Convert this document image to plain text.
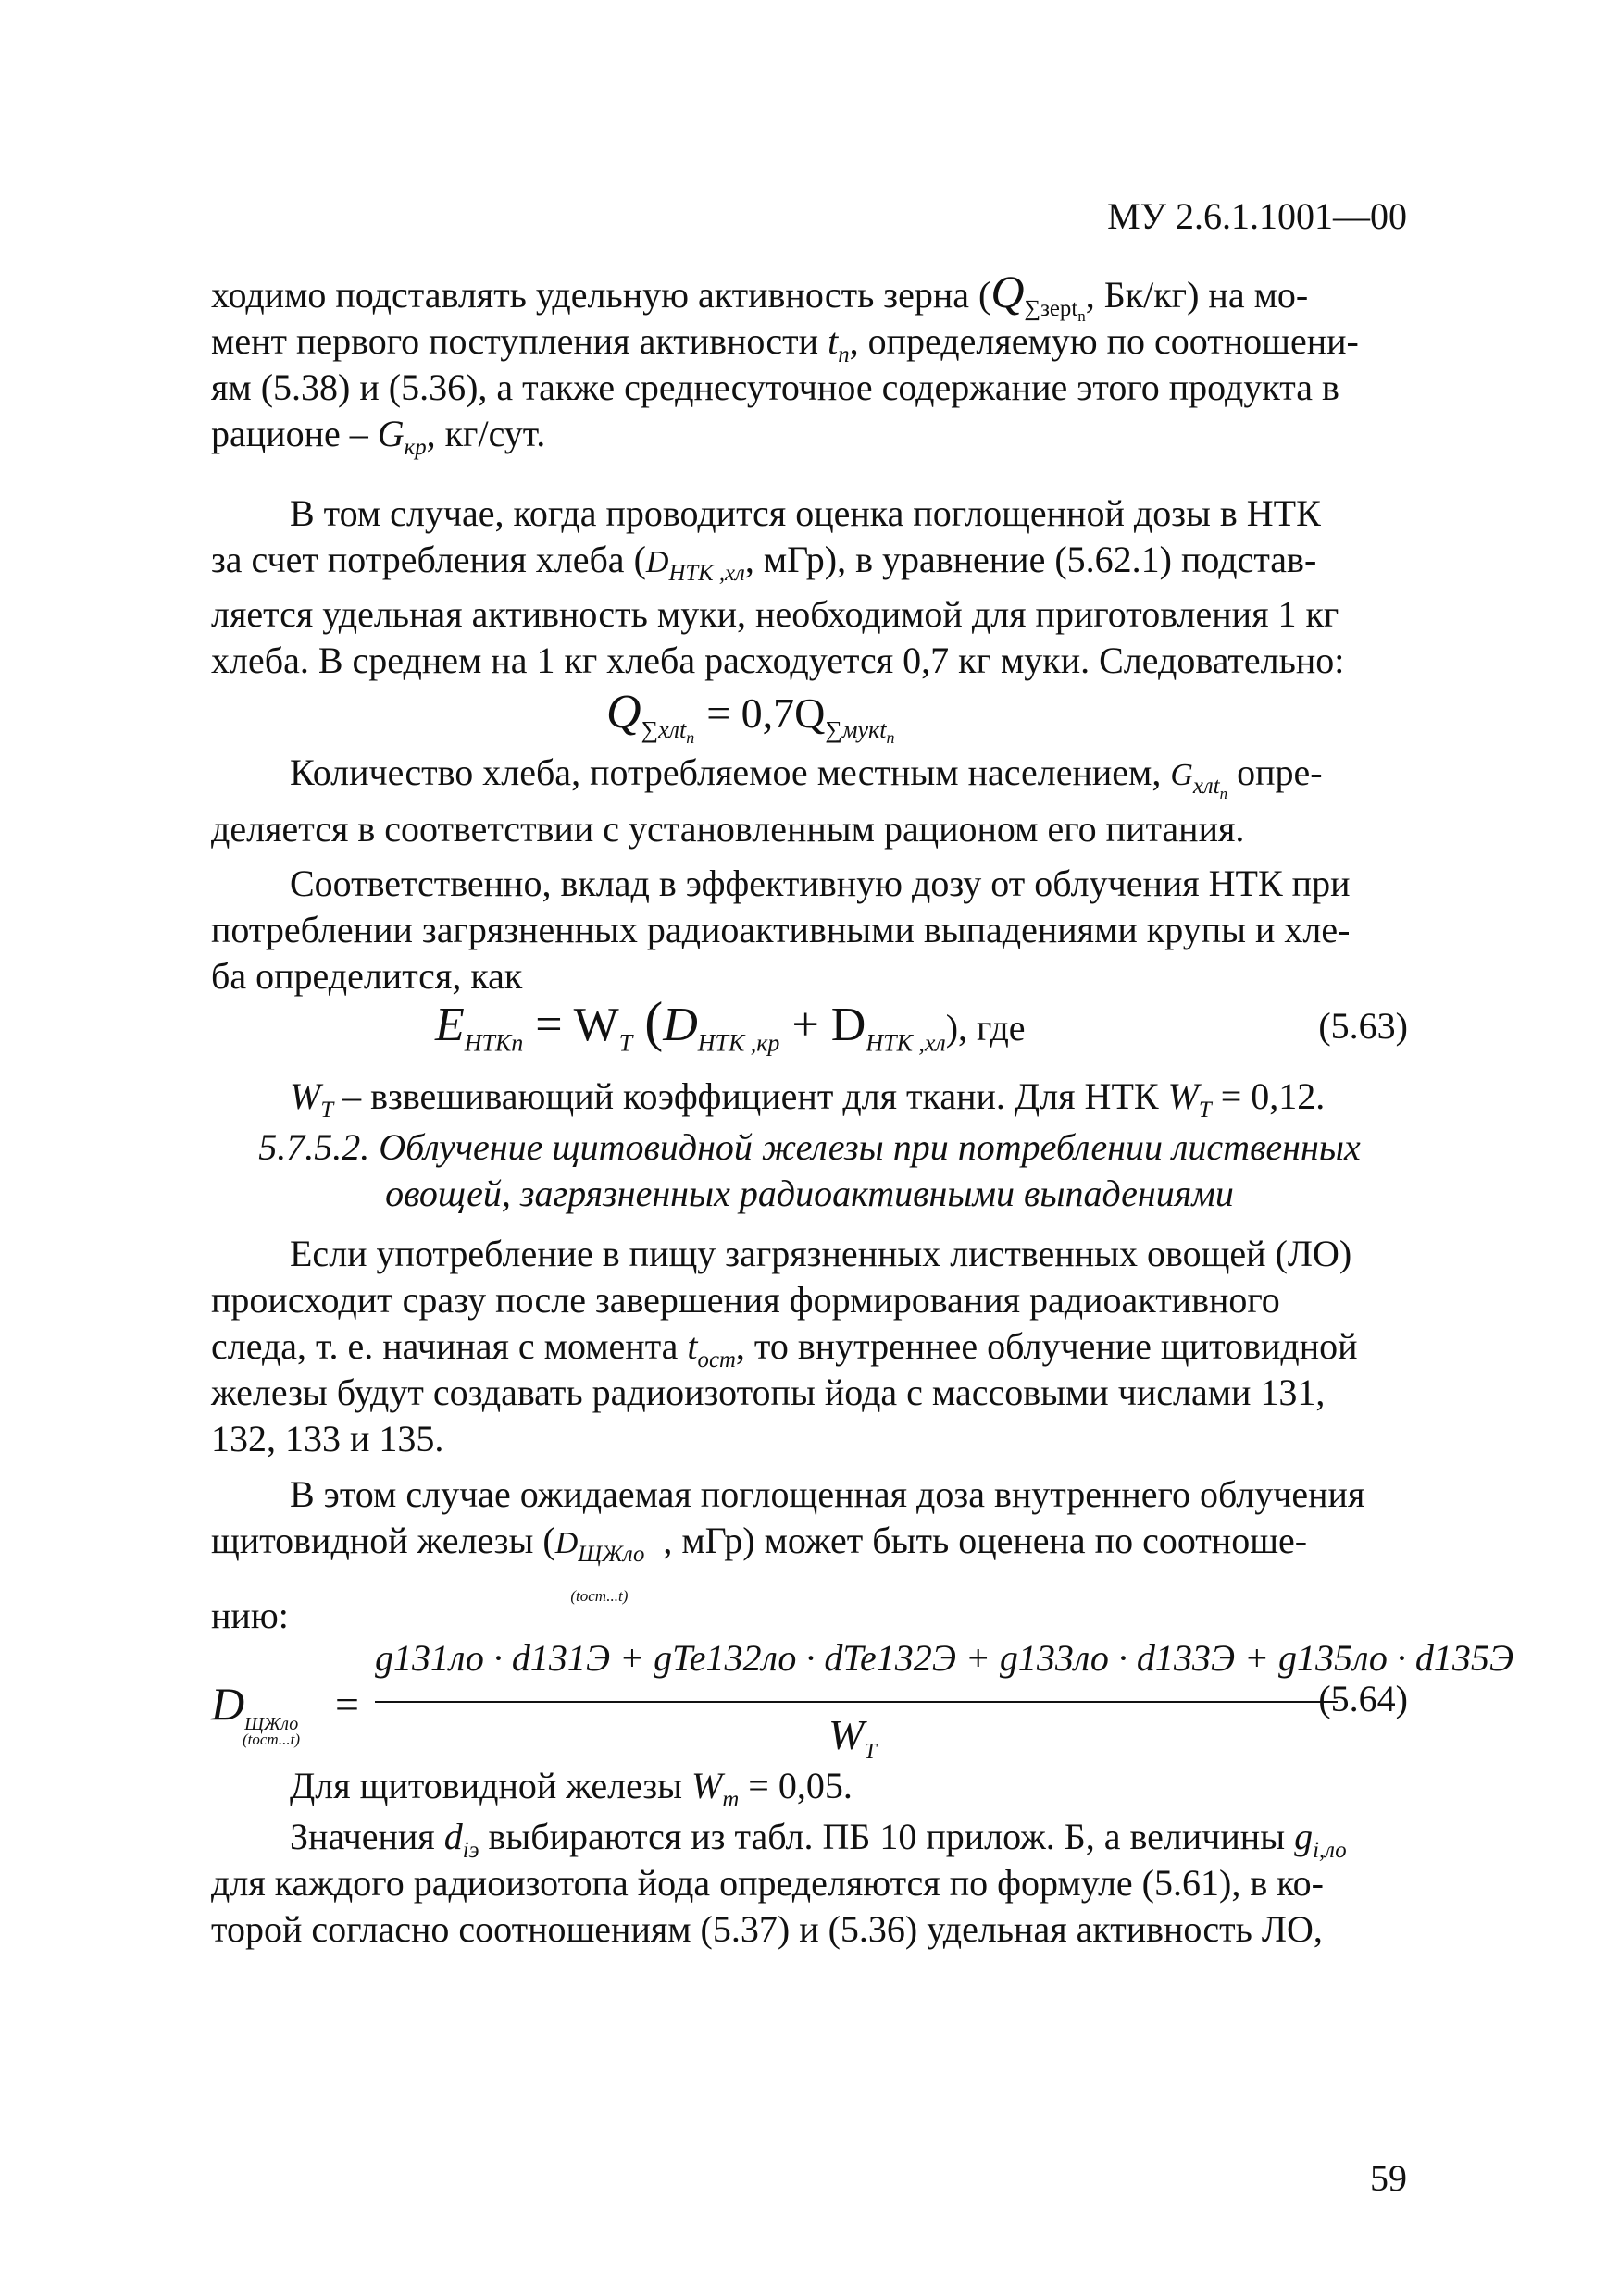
МУ 2.6.1.1001—00

ходимо подставлять удельную активность зерна ($Q_{\sum зерt_n}$, Бк/кг) на мо-

мент первого поступления активности $t_n$, определяемую по соотношени-

ям (5.38) и (5.36), а также среднесуточное содержание этого продукта в

рационе – $G_{кр}$, кг/сут.

В том случае, когда проводится оценка поглощенной дозы в НТК

за счет потребления хлеба ($D_{НТК ,хл}$, мГр), в уравнение (5.62.1) подстав-

ляется удельная активность муки, необходимой для приготовления 1 кг

хлеба. В среднем на 1 кг хлеба расходуется 0,7 кг муки. Следовательно:

$Q_{\sum хлt_n} = 0,7Q_{\sum мукt_n}$

Количество хлеба, потребляемое местным населением, $G_{хлt_n}$ опре-

деляется в соответствии с установленным рационом его питания.

Соответственно, вклад в эффективную дозу от облучения НТК при

потреблении загрязненных радиоактивными выпадениями крупы и хле-

ба определится, как

$E_{НТКn} = W_T$ $(D_{НТК ,кр} + D_{НТК ,хл})$, где	(5.63)

$W_T$ – взвешивающий коэффициент для ткани. Для НТК $W_T = 0,12$.

5.7.5.2. Облучение щитовидной железы при потреблении лиственных
овощей, загрязненных радиоактивными выпадениями

Если употребление в пищу загрязненных лиственных овощей (ЛО)

происходит сразу после завершения формирования радиоактивного

следа, т. е. начиная с момента $t_{ост}$, то внутреннее облучение щитовидной

железы будут создавать радиоизотопы йода с массовыми числами 131,

132, 133 и 135.

В этом случае ожидаемая поглощенная доза внутреннего облучения

щитовидной железы ($D_{ЩЖло}$
(tост...t)
, мГр) может быть оценена по соотноше-

нию:

$D_{ЩЖло}$
(tост...t)
=
g131ло · d131Э + gTe132ло · dTe132Э + g133ло · d133Э + g135ло · d135Э
$W_T$
(5.64)

Для щитовидной железы $W_m = 0,05$.

Значения $d_{iэ}$ выбираются из табл. ПБ 10 прилож. Б, а величины $g_{i,ло}$

для каждого радиоизотопа йода определяются по формуле (5.61), в ко-

торой согласно соотношениям (5.37) и (5.36) удельная активность ЛО,

59
